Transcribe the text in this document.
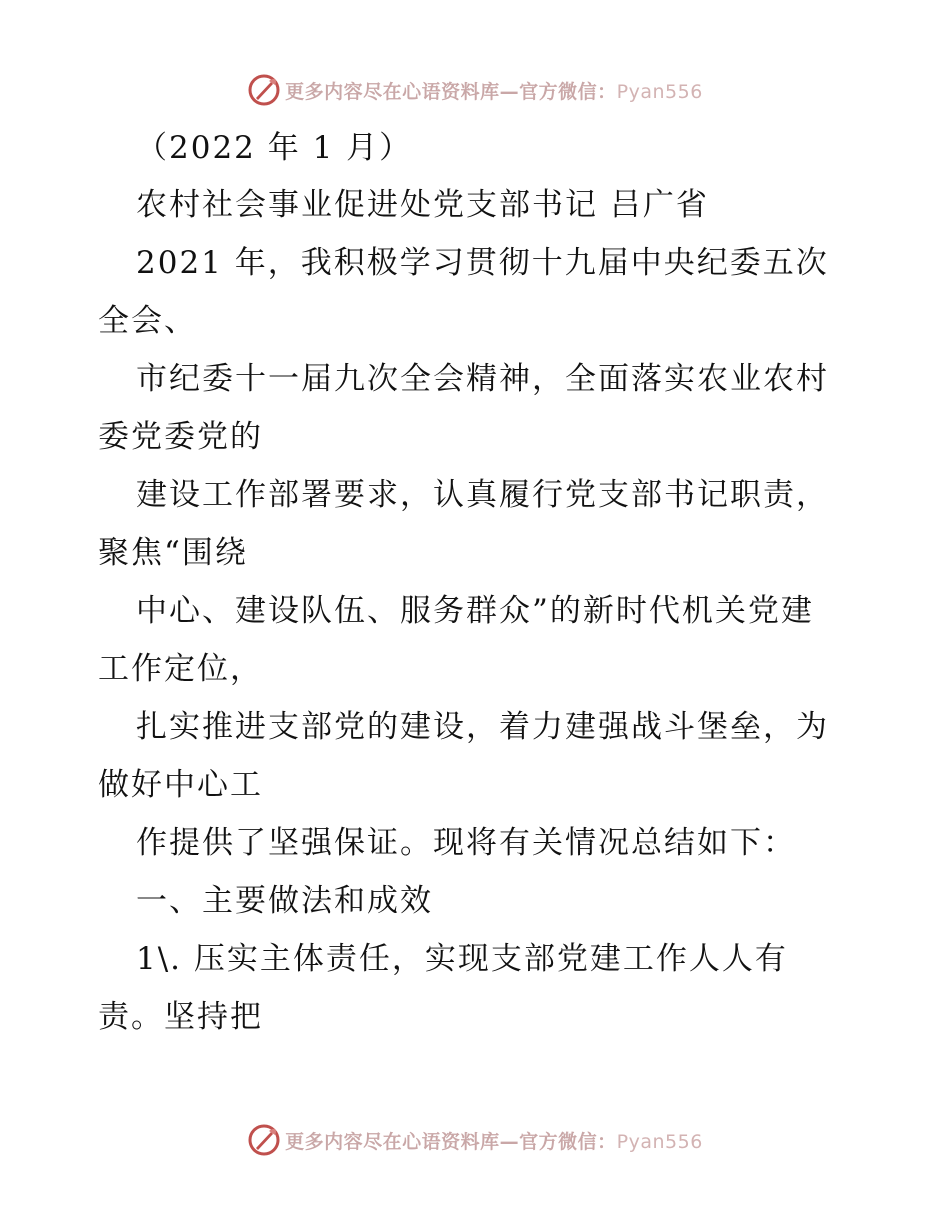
更多内容尽在心语资料库—官方微信：Pyan556
（2022 年 1 月）
农村社会事业促进处党支部书记 吕广省
2021 年，我积极学习贯彻十九届中央纪委五次
全会、
市纪委十一届九次全会精神，全面落实农业农村
委党委党的
建设工作部署要求，认真履行党支部书记职责，
聚焦“围绕
中心、建设队伍、服务群众”的新时代机关党建
工作定位，
扎实推进支部党的建设，着力建强战斗堡垒，为
做好中心工
作提供了坚强保证。现将有关情况总结如下：
一、主要做法和成效
1\. 压实主体责任，实现支部党建工作人人有
责。坚持把
更多内容尽在心语资料库—官方微信：Pyan556
